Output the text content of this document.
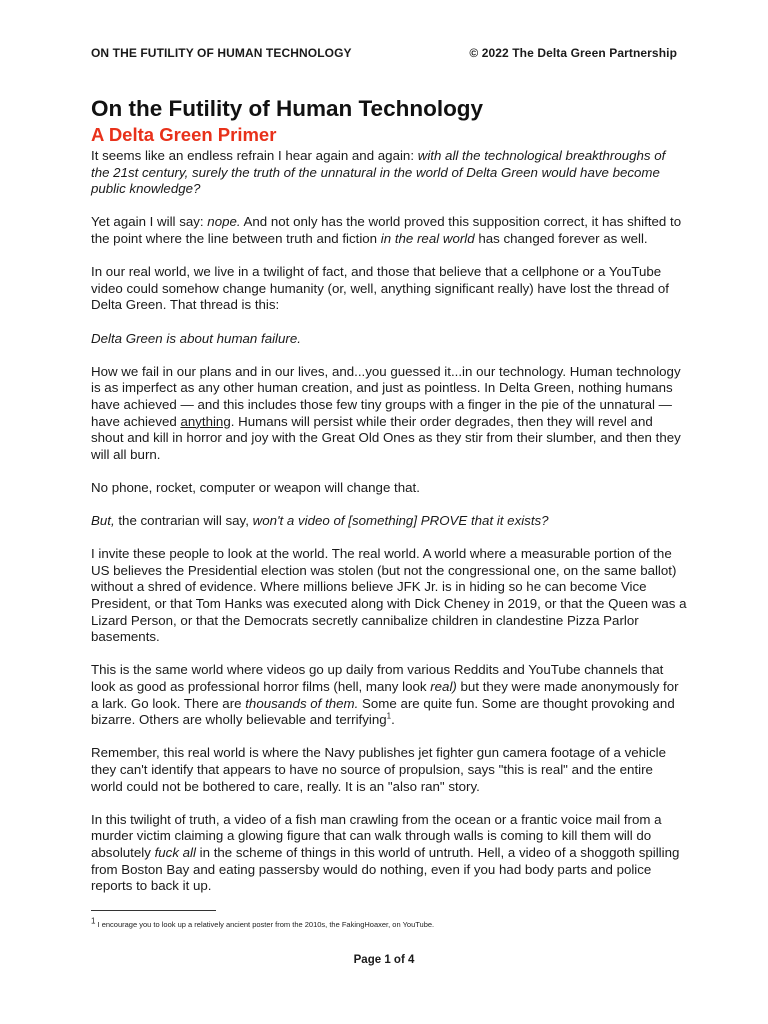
ON THE FUTILITY OF HUMAN TECHNOLOGY	© 2022 The Delta Green Partnership
On the Futility of Human Technology
A Delta Green Primer

It seems like an endless refrain I hear again and again: with all the technological breakthroughs of the 21st century, surely the truth of the unnatural in the world of Delta Green would have become public knowledge?

Yet again I will say: nope. And not only has the world proved this supposition correct, it has shifted to the point where the line between truth and fiction in the real world has changed forever as well.

In our real world, we live in a twilight of fact, and those that believe that a cellphone or a YouTube video could somehow change humanity (or, well, anything significant really) have lost the thread of Delta Green. That thread is this:

Delta Green is about human failure.

How we fail in our plans and in our lives, and...you guessed it...in our technology. Human technology is as imperfect as any other human creation, and just as pointless. In Delta Green, nothing humans have achieved — and this includes those few tiny groups with a finger in the pie of the unnatural — have achieved anything. Humans will persist while their order degrades, then they will revel and shout and kill in horror and joy with the Great Old Ones as they stir from their slumber, and then they will all burn.

No phone, rocket, computer or weapon will change that.

But, the contrarian will say, won't a video of [something] PROVE that it exists?

I invite these people to look at the world. The real world. A world where a measurable portion of the US believes the Presidential election was stolen (but not the congressional one, on the same ballot) without a shred of evidence. Where millions believe JFK Jr. is in hiding so he can become Vice President, or that Tom Hanks was executed along with Dick Cheney in 2019, or that the Queen was a Lizard Person, or that the Democrats secretly cannibalize children in clandestine Pizza Parlor basements.

This is the same world where videos go up daily from various Reddits and YouTube channels that look as good as professional horror films (hell, many look real) but they were made anonymously for a lark. Go look. There are thousands of them. Some are quite fun. Some are thought provoking and bizarre. Others are wholly believable and terrifying$^1$.

Remember, this real world is where the Navy publishes jet fighter gun camera footage of a vehicle they can't identify that appears to have no source of propulsion, says "this is real" and the entire world could not be bothered to care, really. It is an "also ran" story.

In this twilight of truth, a video of a fish man crawling from the ocean or a frantic voice mail from a murder victim claiming a glowing figure that can walk through walls is coming to kill them will do absolutely fuck all in the scheme of things in this world of untruth. Hell, a video of a shoggoth spilling from Boston Bay and eating passersby would do nothing, even if you had body parts and police reports to back it up.

$^1$ I encourage you to look up a relatively ancient poster from the 2010s, the FakingHoaxer, on YouTube.
Page 1 of 4
